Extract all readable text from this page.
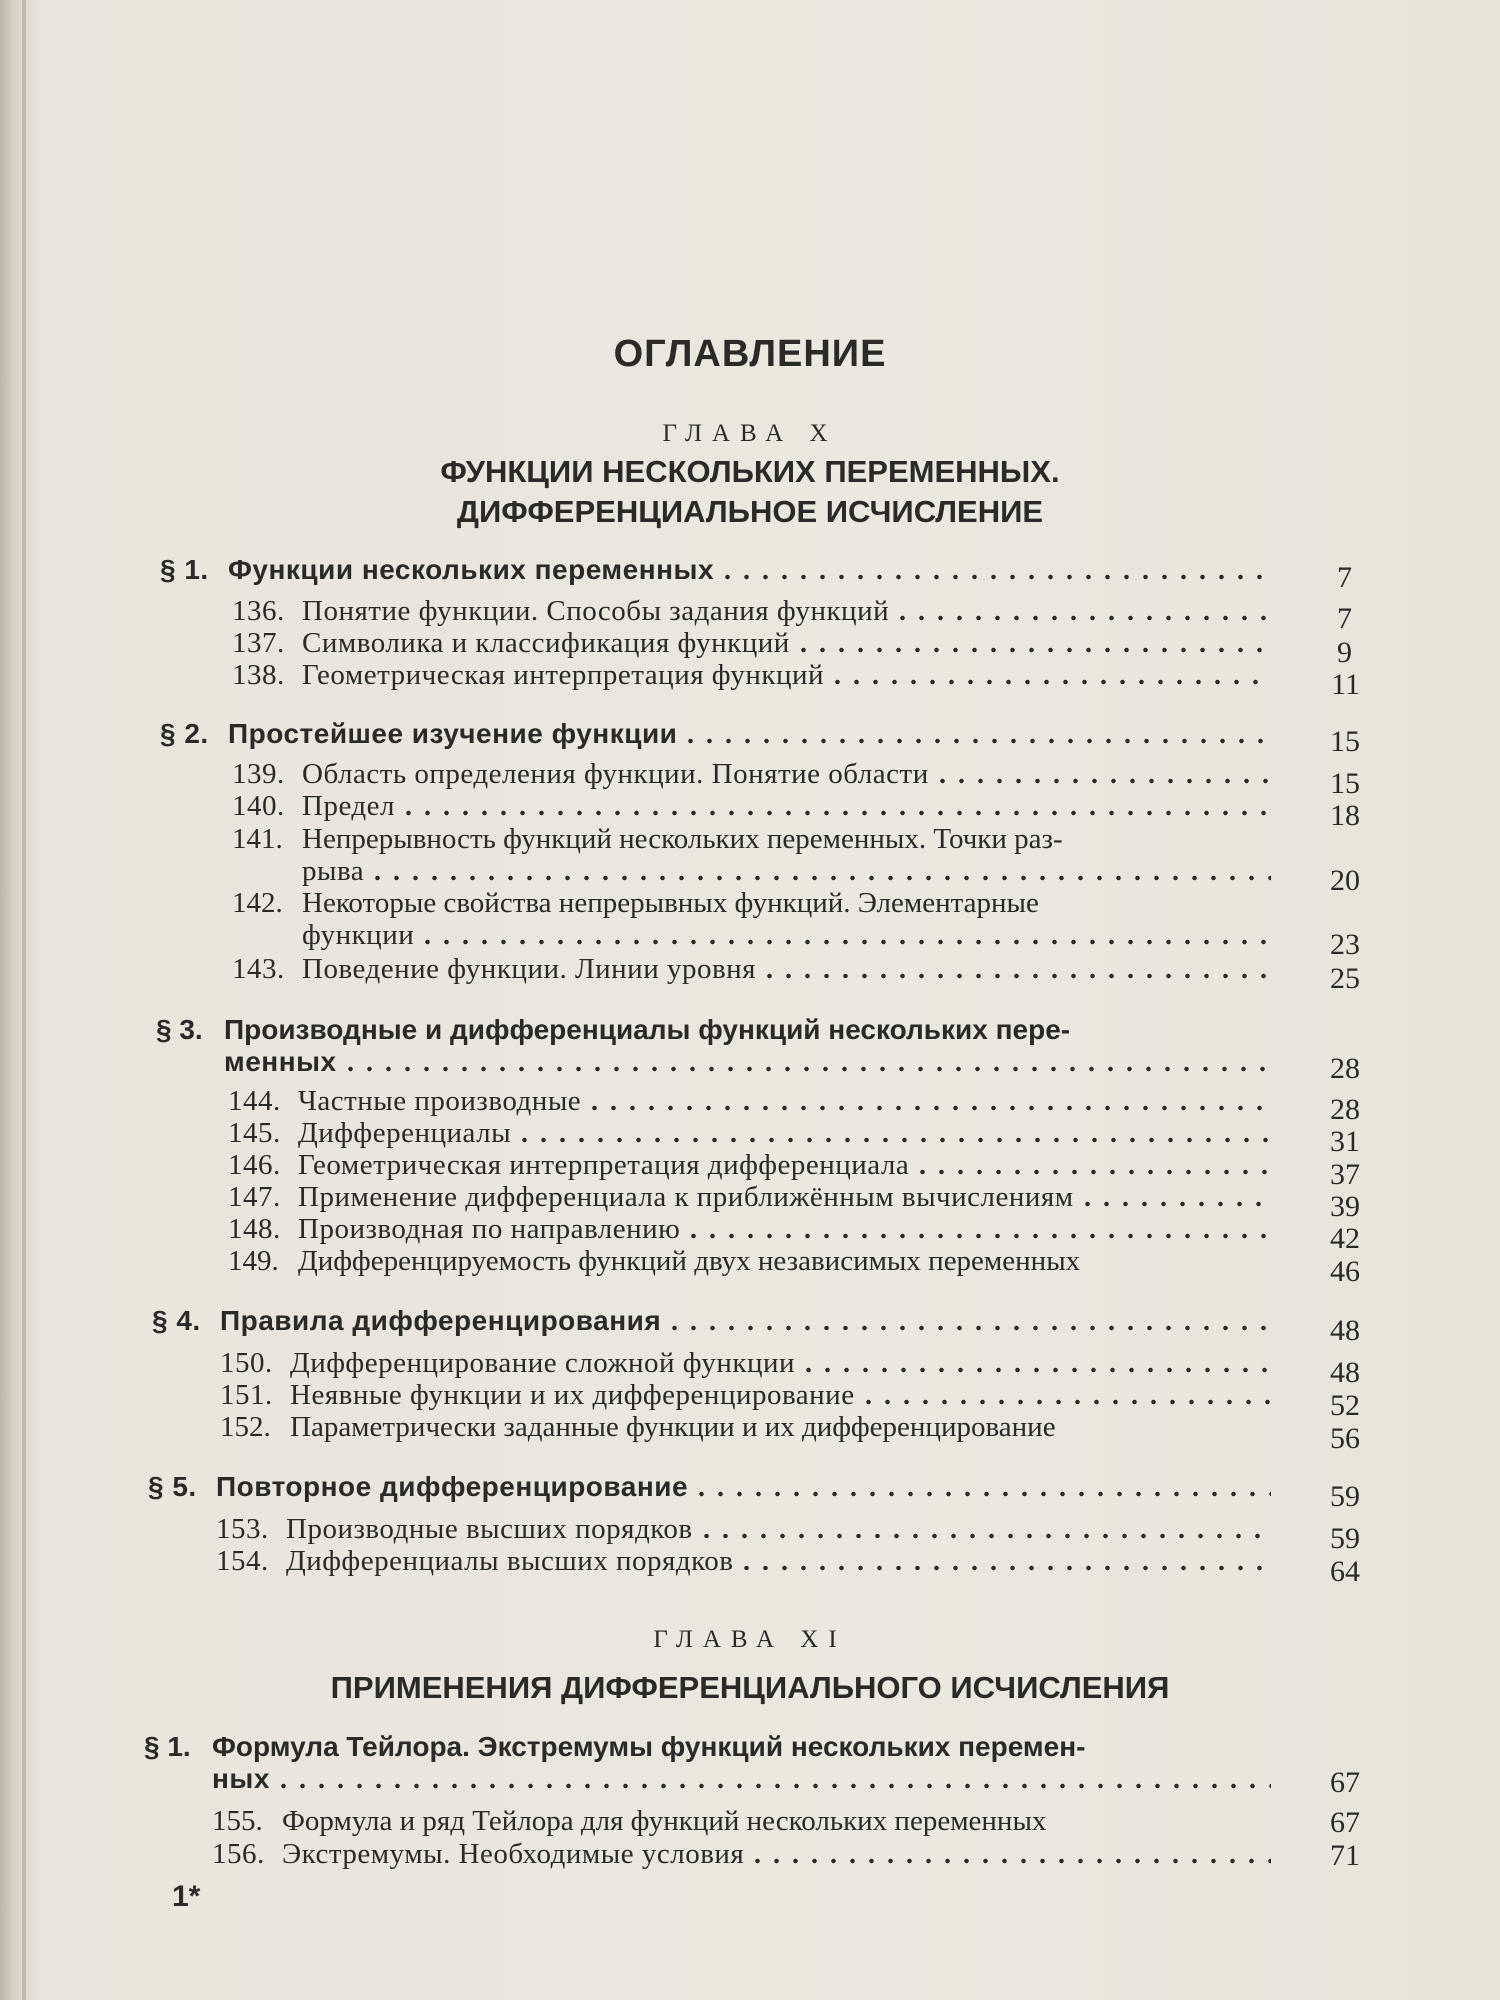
ОГЛАВЛЕНИЕ
ГЛАВА Х
ФУНКЦИИ НЕСКОЛЬКИХ ПЕРЕМЕННЫХ.
ДИФФЕРЕНЦИАЛЬНОЕ ИСЧИСЛЕНИЕ
§ 1. Функции нескольких переменных	7
136. Понятие функции. Способы задания функций	7
137. Символика и классификация функций	9
138. Геометрическая интерпретация функций	11
§ 2. Простейшее изучение функции	15
139. Область определения функции. Понятие области	15
140. Предел	18
141. Непрерывность функций нескольких переменных. Точки раз-
рыва	20
142. Некоторые свойства непрерывных функций. Элементарные
функции	23
143. Поведение функции. Линии уровня	25
§ 3. Производные и дифференциалы функций нескольких пере-
менных	28
144. Частные производные	28
145. Дифференциалы	31
146. Геометрическая интерпретация дифференциала	37
147. Применение дифференциала к приближённым вычислениям	39
148. Производная по направлению	42
149. Дифференцируемость функций двух независимых переменных	46
§ 4. Правила дифференцирования	48
150. Дифференцирование сложной функции	48
151. Неявные функции и их дифференцирование	52
152. Параметрически заданные функции и их дифференцирование	56
§ 5. Повторное дифференцирование	59
153. Производные высших порядков	59
154. Дифференциалы высших порядков	64
ГЛАВА XI
ПРИМЕНЕНИЯ ДИФФЕРЕНЦИАЛЬНОГО ИСЧИСЛЕНИЯ
§ 1. Формула Тейлора. Экстремумы функций нескольких перемен-
ных	67
155. Формула и ряд Тейлора для функций нескольких переменных	67
156. Экстремумы. Необходимые условия	71
1*
